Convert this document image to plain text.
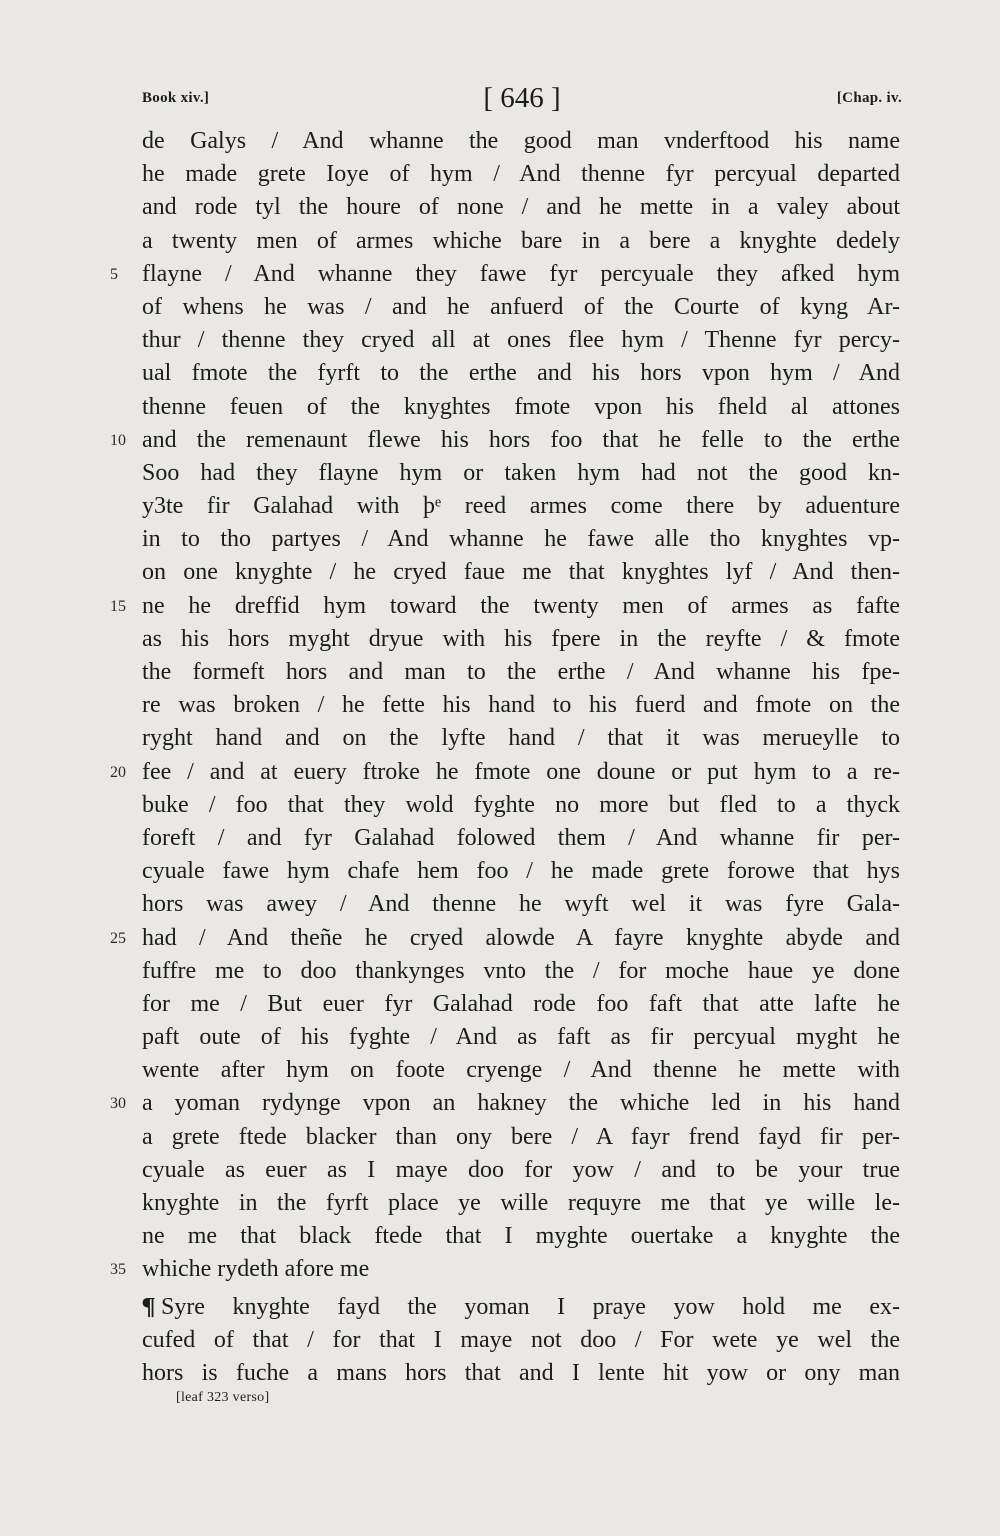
Book xiv.]	[ 646 ]	[Chap. iv.
de Galys / And whanne the good man vnderftood his name
he made grete Ioye of hym / And thenne fyr percyual departed
and rode tyl the houre of none / and he mette in a valey about
a twenty men of armes whiche bare in a bere a knyghte dedely
5	flayne / And whanne they fawe fyr percyuale they afked hym
of whens he was / and he anfuerd of the Courte of kyng Ar-
thur / thenne they cryed all at ones flee hym / Thenne fyr percy-
ual fmote the fyrft to the erthe and his hors vpon hym / And
thenne feuen of the knyghtes fmote vpon his fheld al attones
10 and the remenaunt flewe his hors foo that he felle to the erthe
Soo had they flayne hym or taken hym had not the good kn-
y3te fir Galahad with þᵉ reed armes come there by aduenture
in to tho partyes / And whanne he fawe alle tho knyghtes vp-
on one knyghte / he cryed faue me that knyghtes lyf / And then-
15 ne he dreffid hym toward the twenty men of armes as fafte
as his hors myght dryue with his fpere in the reyfte / & fmote
the formeft hors and man to the erthe / And whanne his fpe-
re was broken / he fette his hand to his fuerd and fmote on the
ryght hand and on the lyfte hand / that it was merueylle to
20 fee / and at euery ftroke he fmote one doune or put hym to a re-
buke / foo that they wold fyghte no more but fled to a thyck
foreft / and fyr Galahad folowed them / And whanne fir per-
cyuale fawe hym chafe hem foo / he made grete forowe that hys
hors was awey / And thenne he wyft wel it was fyre Gala-
25 had / And theñe he cryed alowde A fayre knyghte abyde and
fuffre me to doo thankynges vnto the / for moche haue ye done
for me / But euer fyr Galahad rode foo faft that atte lafte he
paft oute of his fyghte / And as faft as fir percyual myght he
wente after hym on foote cryenge / And thenne he mette with
30 a yoman rydynge vpon an hakney the whiche led in his hand
a grete ftede blacker than ony bere / A fayr frend fayd fir per-
cyuale as euer as I maye doo for yow / and to be your true
knyghte in the fyrft place ye wille requyre me that ye wille le-
ne me that black ftede that I myghte ouertake a knyghte the
35 whiche rydeth afore me
¶ Syre knyghte fayd the yoman I praye yow hold me ex-
cufed of that / for that I maye not doo / For wete ye wel the
hors is fuche a mans hors that and I lente hit yow or ony man
[leaf 323 verso]
